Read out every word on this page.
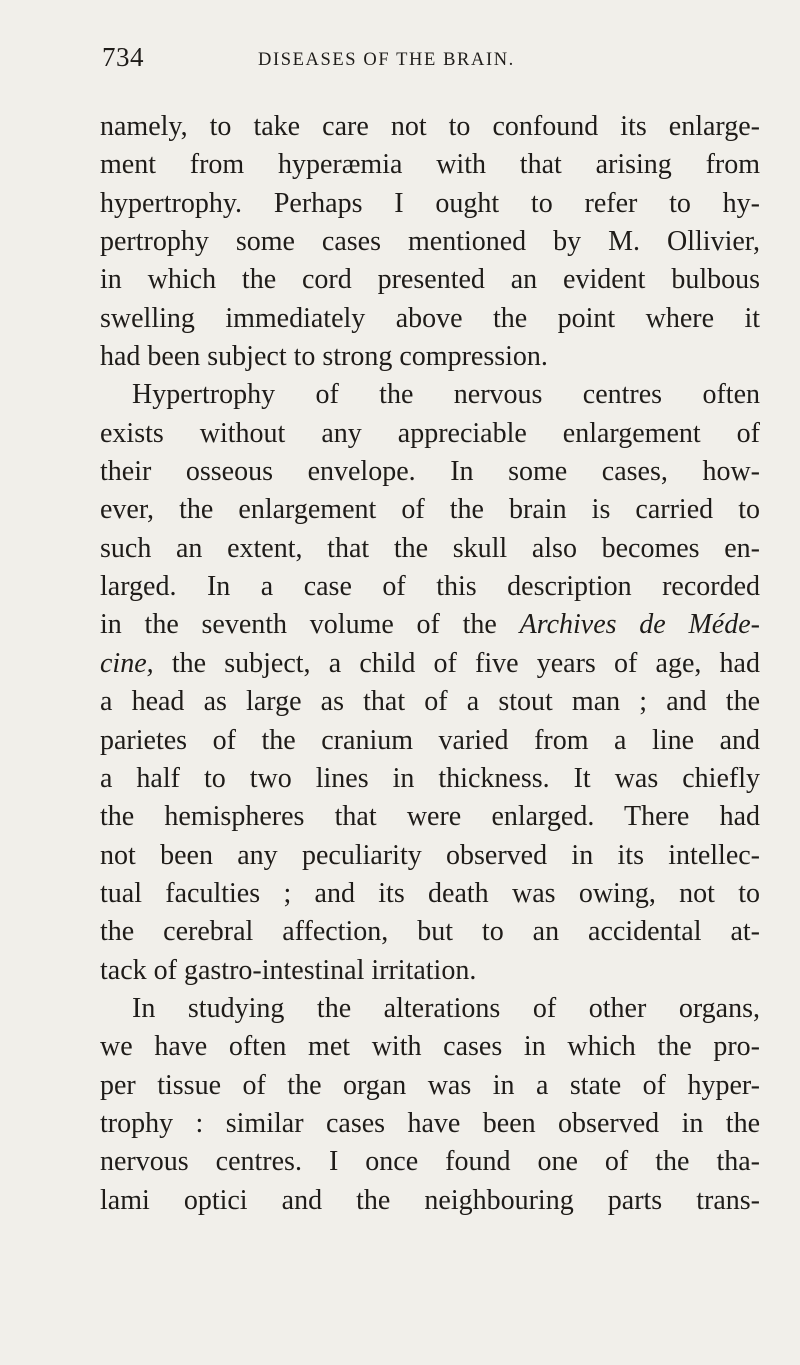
734	DISEASES OF THE BRAIN.
namely, to take care not to confound its enlarge-
ment from hyperæmia with that arising from
hypertrophy. Perhaps I ought to refer to hy-
pertrophy some cases mentioned by M. Ollivier,
in which the cord presented an evident bulbous
swelling immediately above the point where it
had been subject to strong compression.
Hypertrophy of the nervous centres often
exists without any appreciable enlargement of
their osseous envelope. In some cases, how-
ever, the enlargement of the brain is carried to
such an extent, that the skull also becomes en-
larged. In a case of this description recorded
in the seventh volume of the Archives de Méde-
cine, the subject, a child of five years of age, had
a head as large as that of a stout man ; and the
parietes of the cranium varied from a line and
a half to two lines in thickness. It was chiefly
the hemispheres that were enlarged. There had
not been any peculiarity observed in its intellec-
tual faculties ; and its death was owing, not to
the cerebral affection, but to an accidental at-
tack of gastro-intestinal irritation.
In studying the alterations of other organs,
we have often met with cases in which the pro-
per tissue of the organ was in a state of hyper-
trophy : similar cases have been observed in the
nervous centres. I once found one of the tha-
lami optici and the neighbouring parts trans-
